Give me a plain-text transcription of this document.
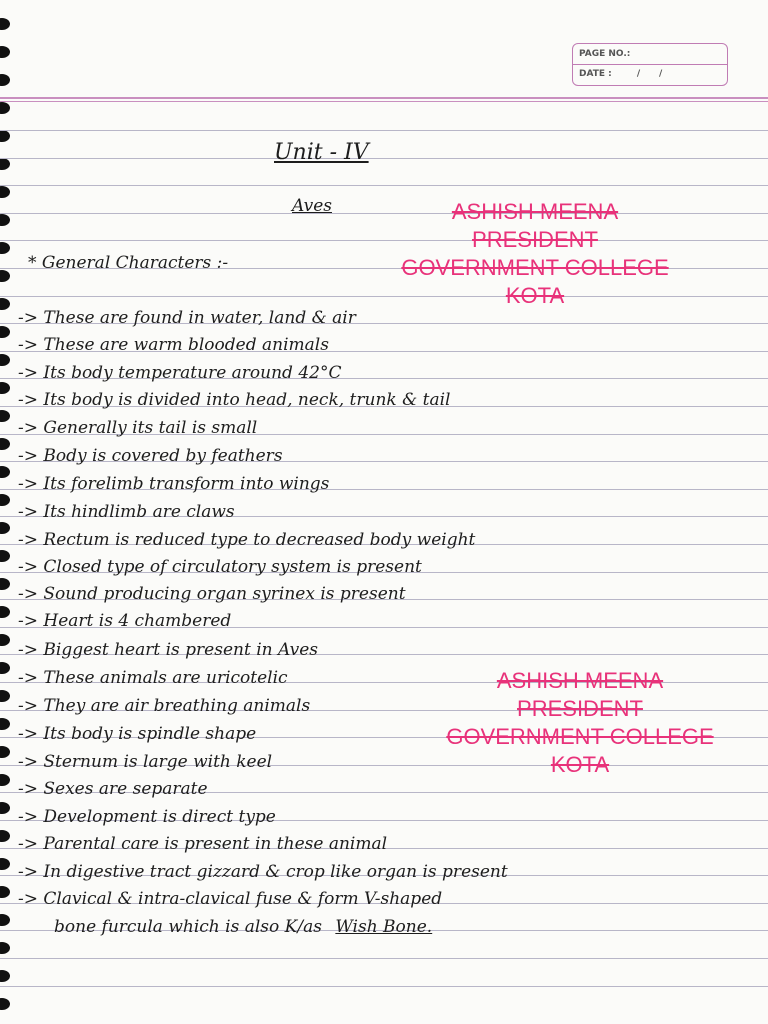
PAGE NO.:
DATE :	/      /
Unit - IV
Aves
* General Characters :-
-> These are found in water, land & air
-> These are warm blooded animals
-> Its body temperature around 42°C
-> Its body is divided into head, neck, trunk & tail
-> Generally its tail is small
-> Body is covered by feathers
-> Its forelimb transform into wings
-> Its hindlimb are claws
-> Rectum is reduced type to decreased body weight
-> Closed type of circulatory system is present
-> Sound producing organ syrinex is present
-> Heart is 4 chambered
-> Biggest heart is present in Aves
-> These animals are uricotelic
-> They are air breathing animals
-> Its body is spindle shape
-> Sternum is large with keel
-> Sexes are separate
-> Development is direct type
-> Parental care is present in these animal
-> In digestive tract gizzard & crop like organ is present
-> Clavical & intra-clavical fuse & form V-shaped
bone furcula which is also K/as Wish Bone.
ASHISH MEENA
PRESIDENT
GOVERNMENT COLLEGE
KOTA
ASHISH MEENA
PRESIDENT
GOVERNMENT COLLEGE
KOTA
